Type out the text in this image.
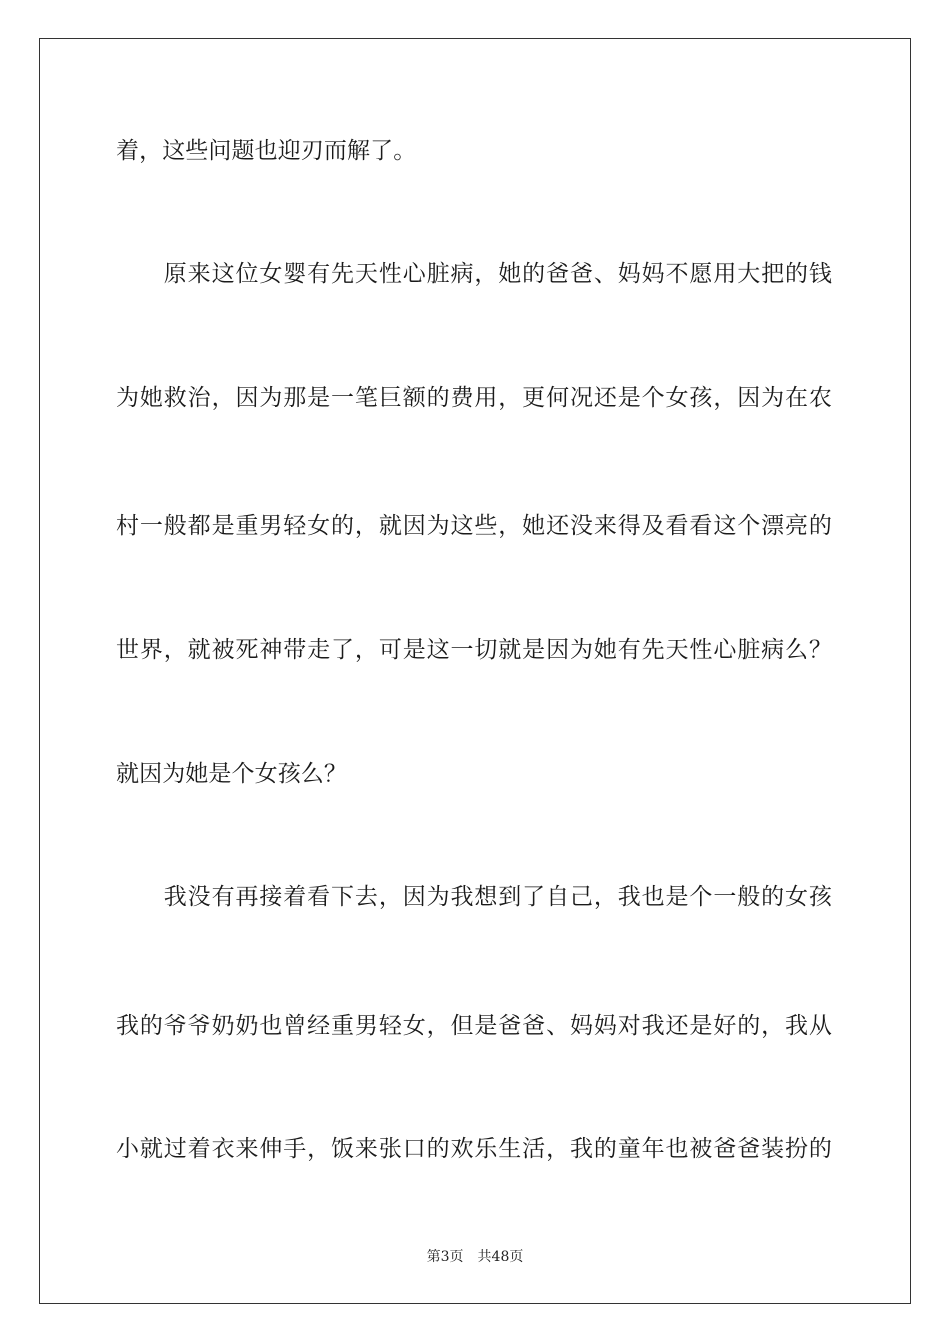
着，这些问题也迎刃而解了。
　　原来这位女婴有先天性心脏病，她的爸爸、妈妈不愿用大把的钱
为她救治，因为那是一笔巨额的费用，更何况还是个女孩，因为在农
村一般都是重男轻女的，就因为这些，她还没来得及看看这个漂亮的
世界，就被死神带走了，可是这一切就是因为她有先天性心脏病么？
就因为她是个女孩么？
　　我没有再接着看下去，因为我想到了自己，我也是个一般的女孩
我的爷爷奶奶也曾经重男轻女，但是爸爸、妈妈对我还是好的，我从
小就过着衣来伸手，饭来张口的欢乐生活，我的童年也被爸爸装扮的
第3页 共48页
